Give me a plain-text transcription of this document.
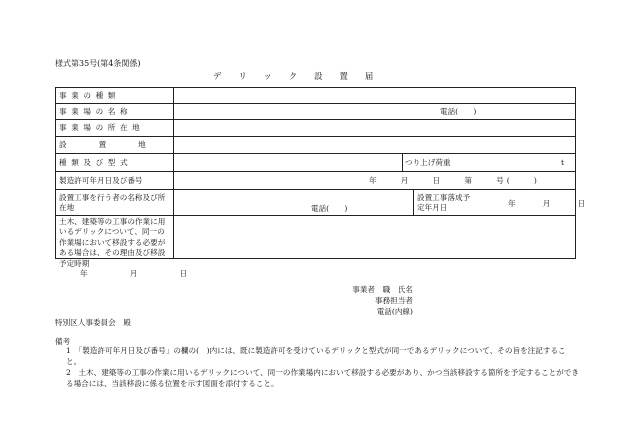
様式第35号(第4条関係)
デリック設置届
事業の種類
事業場の名称	電話(　　)
事業場の所在地
設置地
種類及び型式	つり上げ荷重	t
製造許可年月日及び番号	年　　月　　日　　第　　号(　　)
設置工事を行う者の名称及び所在地	電話(　　)
設置工事落成予定年月日	年　　月　　日
土木、建築等の工事の作業に用いるデリックについて、同一の作業場において移設する必要がある場合は、その理由及び移設予定時期
年　　月　　日
事業者　職　氏名
事務担当者
電話(内線)
特別区人事委員会　殿
備考
1　「製造許可年月日及び番号」の欄の(　)内には、既に製造許可を受けているデリックと型式が同一であるデリックについて、その旨を注記すること。
2　土木、建築等の工事の作業に用いるデリックについて、同一の作業場内において移設する必要があり、かつ当該移設する箇所を予定することができる場合には、当該移設に係る位置を示す図面を添付すること。
